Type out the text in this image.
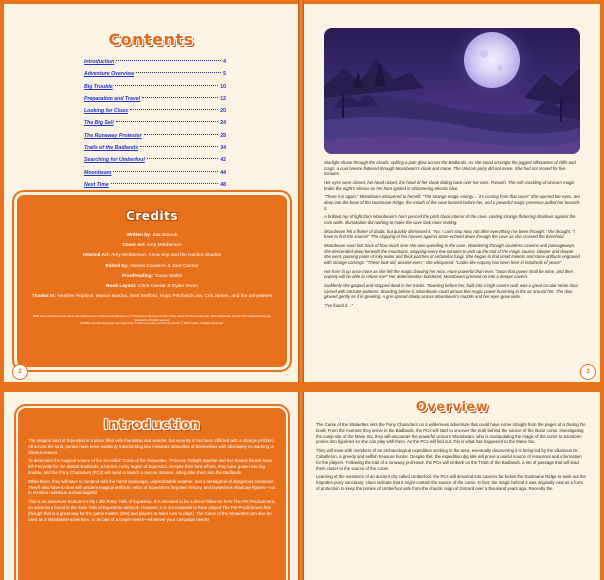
Contents
Introduction	4
Adventure Overview	5
Big Trouble	10
Preparation and Travel	12
Looking for Clues	20
The Big Sell	24
The Runaway Protester	28
Trails of the Badlands	34
Searching for Umberfool	42
Moonbeam	44
Next Time	48
Credits
Written by: Zak Barouh
Cover Art: Amy Mebberson
Internal Art: Amy Mebberson, Anna Sep and the Hasbro Studios
Edited by: Alessio Cavatore & Jack Caesar
Proofreading: Tracie Walsh
Book Layout: Chris Caesar & Dylan Owen
Thanks to: Heather Hopkins, Manon Bardou, Matt Walford, Hugo Pritchard-Law, Cris Jamen, and the ponysteers
River Horse and River Horse Games are trading names of River Horse (Europe) Ltd. © River Horse (Europe) Ltd 2017. River Horse, the River Horse logo, Tails of Equestria, and the Tails of Equestria logo are trademarks. All rights reserved.
HASBRO and all related logos are trademarks of Hasbro and are used with permission. © 2017 Hasbro. All Rights Reserved.
2

Starlight shone through the clouds, spilling a pale glow across the Badlands. As she stood amongst the jagged silhouettes of cliffs and crags, a cool breeze fluttered through Moonbeam's cloak and mane. The Unicorn pony did not move. She had not moved for five minutes.

Her eyes were closed, her head raised, the hood of her cloak sliding back over her ears. Fwoosh. The soft crackling of Unicorn magic broke the night's silence as her horn ignited in shimmering electric blue.

"There it is again," Moonbeam whispered to herself. "The strange magic energy… it's coming from that cave!" She opened her eyes. Set deep into the base of the Dustmane Ridge, the mouth of the cave loomed before her, and a powerful magic presence pulled her towards it.

A brilliant ray of light from Moonbeam's horn pierced the pitch black interior of the cave, casting strange flickering shadows against the rock walls. Illumination did nothing to make the cave look more inviting.

Moonbeam felt a flicker of doubt, but quickly dismissed it. "No, I can't stop now, not after everything I've been through," she thought. "I have to find the source!" The clopping of her hooves against stone echoed down through the cave as she crossed the threshold.

Moonbeam soon lost track of how much time she was spending in the cave. Wandering through countless caverns and passageways, she descended deep beneath the mountains, stopping every few minutes to pick up the trail of the magic source. Deeper and deeper she went, passing pools of inky water and thick patches of unfamiliar fungi. She began to find small trinkets and stone artifacts engraved with strange carvings. "These look old, ancient even," she whispered. "Looks like nopony has been here in hundreds of years!"

Her horn lit up once more as she felt the magic drawing her near, more powerful than ever. "Soon that power shall be mine, and then nopony will be able to refuse me!" Her determination bolstered, Moonbeam pressed on into a deeper cavern.

Suddenly she gasped and stopped dead in her tracks. Towering before her, built into a high cavern wall, was a great circular stone door carved with intricate patterns. Standing before it, Moonbeam could almost feel magic power humming in the air around her. The door glowed gently as if in greeting. A grin spread slowly across Moonbeam's muzzle and her eyes grew wide.

"I've found it…"

3
Introduction

The magical land of Equestria is a place filled with friendship and wonder, but recently it has been afflicted with a strange problem. All across the land, ponies have been suddenly transforming into miniature statuettes of themselves with absolutely no warning or obvious reason.

To determine the magical source of the so-called 'Curse of the Statuettes,' Princess Twilight Sparkle and her closest friends have left Ponyville for the distant Badlands, a barren, rocky region of Equestria. Despite their best efforts, they have gotten into big trouble, and the Pony Characters (PCs) will need to launch a rescue mission, riding after them into the Badlands.

While there, they will have to contend with the harsh landscape, unpredictable weather, and a menagerie of dangerous creatures! They'll also have to deal with ancient magical artifacts, relics of Equestria's forgotten history, and mysterious shadowy figures—not to mention nefarious archaeologists!

This is an adventure module for My Little Pony: Tails of Equestria. It is intended to be a direct follow-on from The Pet Predicament, an adventure found in the main Tails of Equestria rulebook. However, it is not essential to have played The Pet Predicament first (though that is a great way for the game master (GM) and players to learn how to play!). The Curse of the Statuettes can also be used as a standalone adventure, or as part of a longer series—whatever your campaign needs!

Overview

The Curse of the Statuettes sets the Pony Characters on a wilderness adventure that could have come straight from the pages of a Daring Do book! From the moment they arrive in the Badlands, the PCs will start to uncover the truth behind the source of the titular curse. Investigating the camp site of the Mane Six, they will encounter the powerful Unicorn Moonbeam, who is manipulating the magic of the curse to transform ponies into figurines so she can play with them. As the PCs will find out, this is what has happened to the Mane Six.

They will meet with members of an archaeological expedition working in the area, eventually discovering it is being led by the villainous Dr. Caballeron, a greedy and selfish treasure hunter. Despite this, the expedition dig site will prove a useful source of resources and information for the players. Following the trail of a runaway professor, the PCs will embark on the Trails of the Badlands, a rite of passage that will lead them closer to the source of the curse.

Learning of the existence of an ancient city called Umberfool, the PCs will descend into caverns far below the Dustmane Ridge to seek out the forgotten pony sanctuary; clues indicate that it might contain the source of the curse. In fact, the magic behind it was originally cast as a form of protection to keep the ponies of Umberfool safe from the chaotic reign of Discord over a thousand years ago. Recently the
